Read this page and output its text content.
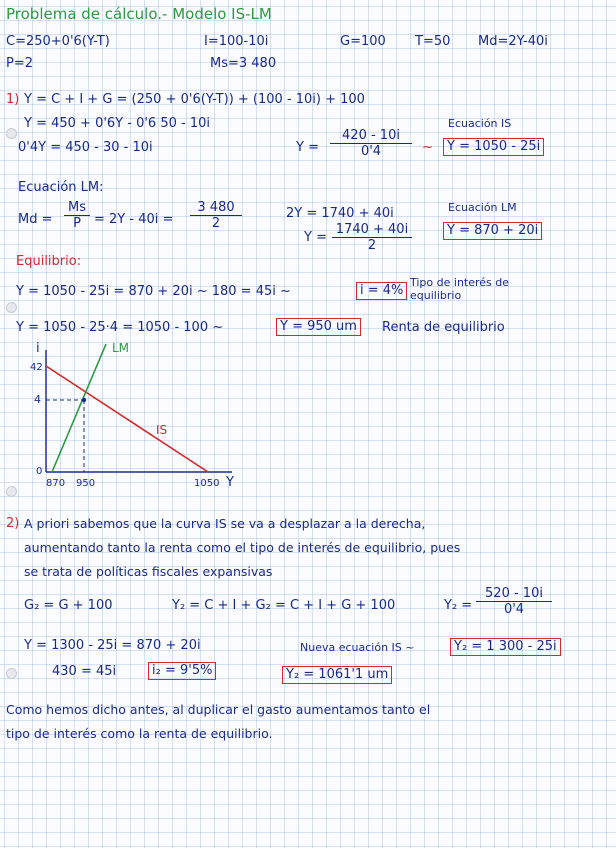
Problema de cálculo.- Modelo IS-LM
C=250+0'6(Y-T)	I=100-10i	G=100 T=50 Md=2Y-40i
P=2	Ms=3 480
1) Y = C + I + G = (250 + 0'6(Y-T)) + (100 - 10i) + 100
Y = 450 + 0'6Y - 0'6 50 - 10i
0'4Y = 450 - 30 - 10i	$Y = \frac{420 - 10i}{0'4}$ ~
Ecuación IS
Y = 1050 - 25i
Ecuación LM:
$Md = \frac{Ms}{P} = 2Y - 40i = \frac{3 480}{2}$	2Y = 1740 + 40i
$Y = \frac{1740 + 40i}{2}$
Ecuación LM
Y = 870 + 20i
Equilibrio:
Y = 1050 - 25i = 870 + 20i ~ 180 = 45i ~	i = 4%
Tipo de interés de equilibrio
Y = 1050 - 25·4 = 1050 - 100 ~	Y = 950 um	Renta de equilibrio
i
42
4
0
870 950	1050 Y
LM
IS
2) A priori sabemos que la curva IS se va a desplazar a la derecha,
aumentando tanto la renta como el tipo de interés de equilibrio, pues
se trata de políticas fiscales expansivas
G₂ = G + 100	Y₂ = C + I + G₂ = C + I + G + 100	$Y_2 = \frac{520 - 10i}{0'4}$
Y = 1300 - 25i = 870 + 20i	Nueva ecuación IS ~	Y₂ = 1 300 - 25i
430 = 45i	i₂ = 9'5%	Y₂ = 1061'1 um
Como hemos dicho antes, al duplicar el gasto aumentamos tanto el
tipo de interés como la renta de equilibrio.
